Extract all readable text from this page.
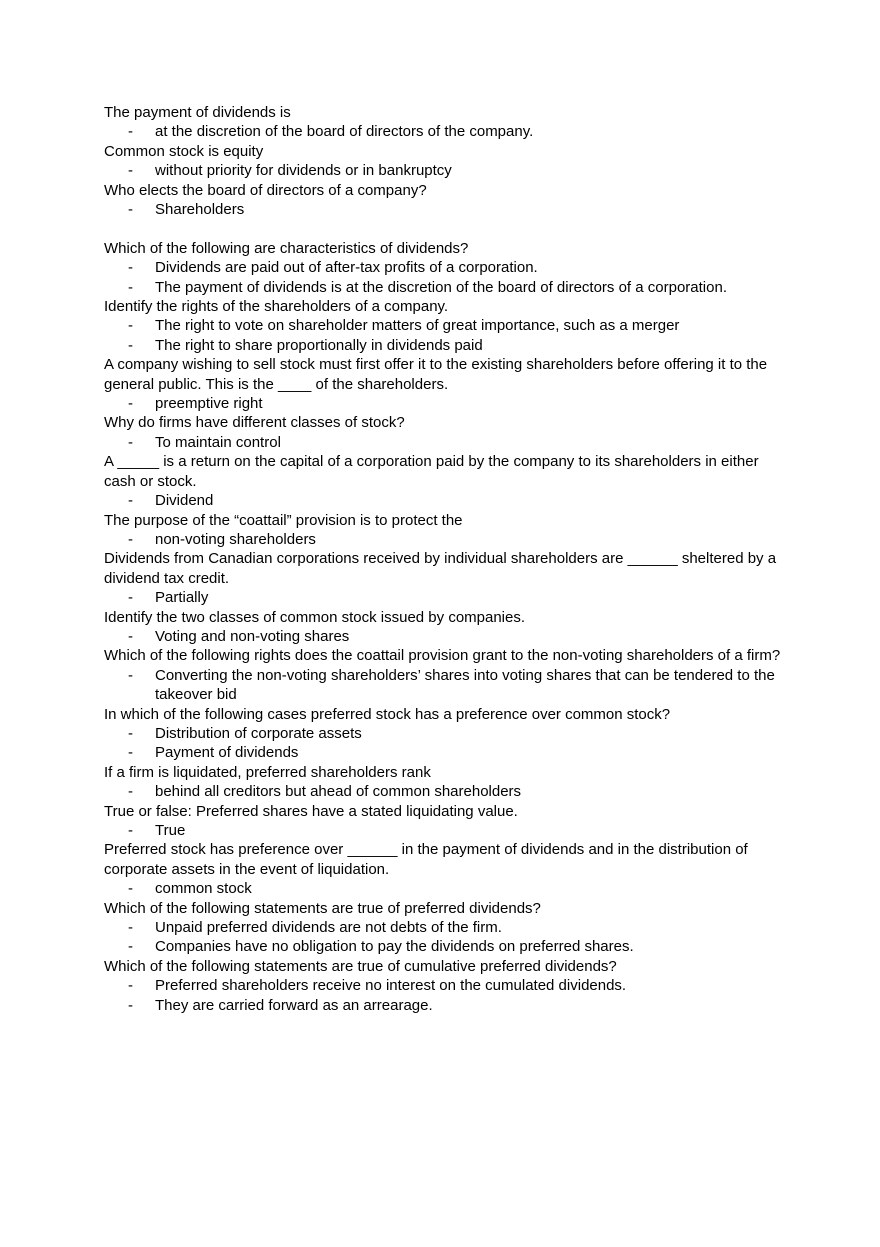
The payment of dividends is

- at the discretion of the board of directors of the company.

Common stock is equity

- without priority for dividends or in bankruptcy

Who elects the board of directors of a company?

- Shareholders

Which of the following are characteristics of dividends?

- Dividends are paid out of after-tax profits of a corporation.
- The payment of dividends is at the discretion of the board of directors of a corporation.

Identify the rights of the shareholders of a company.

- The right to vote on shareholder matters of great importance, such as a merger
- The right to share proportionally in dividends paid

A company wishing to sell stock must first offer it to the existing shareholders before offering it to the general public. This is the ____ of the shareholders.

- preemptive right

Why do firms have different classes of stock?

- To maintain control

A _____ is a return on the capital of a corporation paid by the company to its shareholders in either cash or stock.

- Dividend

The purpose of the “coattail” provision is to protect the

- non-voting shareholders

Dividends from Canadian corporations received by individual shareholders are ______ sheltered by a dividend tax credit.

- Partially

Identify the two classes of common stock issued by companies.

- Voting and non-voting shares

Which of the following rights does the coattail provision grant to the non-voting shareholders of a firm?

- Converting the non-voting shareholders’ shares into voting shares that can be tendered to the takeover bid

In which of the following cases preferred stock has a preference over common stock?

- Distribution of corporate assets
- Payment of dividends

If a firm is liquidated, preferred shareholders rank

- behind all creditors but ahead of common shareholders

True or false: Preferred shares have a stated liquidating value.

- True

Preferred stock has preference over ______ in the payment of dividends and in the distribution of corporate assets in the event of liquidation.

- common stock

Which of the following statements are true of preferred dividends?

- Unpaid preferred dividends are not debts of the firm.
- Companies have no obligation to pay the dividends on preferred shares.

Which of the following statements are true of cumulative preferred dividends?

- Preferred shareholders receive no interest on the cumulated dividends.
- They are carried forward as an arrearage.
